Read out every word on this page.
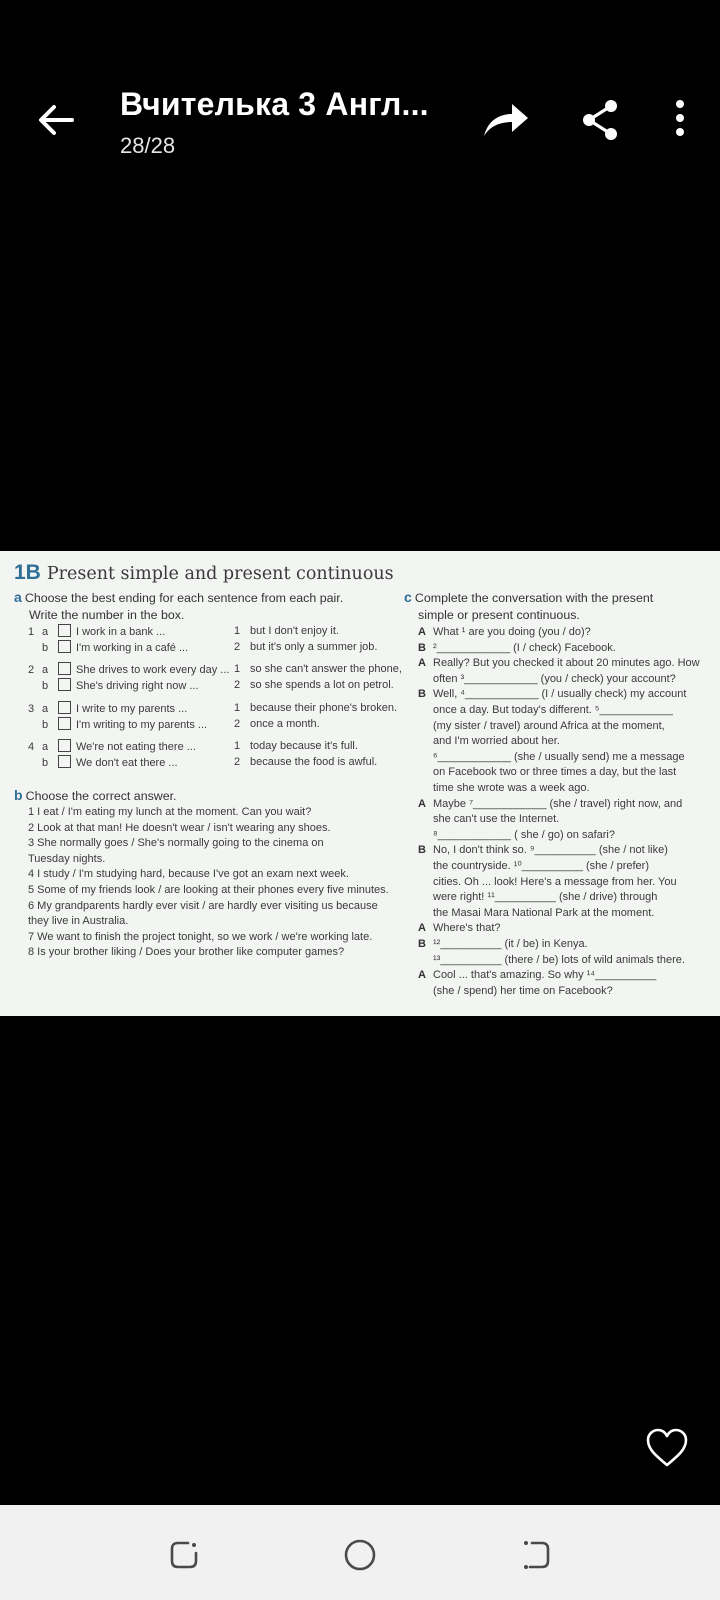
Вчителька 3 Англ...
28/28
1B Present simple and present continuous
a Choose the best ending for each sentence from each pair.
Write the number in the box.
1 a	I work in a bank ...	1 but I don't enjoy it.
b	I'm working in a café ...	2 but it's only a summer job.
2 a	She drives to work every day ... 1 so she can't answer the phone,
b	She's driving right now ...	2 so she spends a lot on petrol.
3 a	I write to my parents ...	1 because their phone's broken.
b	I'm writing to my parents ... 2 once a month.
4 a	We're not eating there ...	1 today because it's full.
b	We don't eat there ...	2 because the food is awful.
b Choose the correct answer.
1 I eat / I'm eating my lunch at the moment. Can you wait?
2 Look at that man! He doesn't wear / isn't wearing any shoes.
3 She normally goes / She's normally going to the cinema on
Tuesday nights.
4 I study / I'm studying hard, because I've got an exam next week.
5 Some of my friends look / are looking at their phones every five minutes.
6 My grandparents hardly ever visit / are hardly ever visiting us because
they live in Australia.
7 We want to finish the project tonight, so we work / we're working late.
8 Is your brother liking / Does your brother like computer games?
c Complete the conversation with the present
simple or present continuous.
A What ¹ are you doing (you / do)?
B ²____________ (I / check) Facebook.
A Really? But you checked it about 20 minutes ago. How
often ³____________ (you / check) your account?
B Well, ⁴____________ (I / usually check) my account
once a day. But today's different. ⁵____________
(my sister / travel) around Africa at the moment,
and I'm worried about her.
⁶____________ (she / usually send) me a message
on Facebook two or three times a day, but the last
time she wrote was a week ago.
A Maybe ⁷____________ (she / travel) right now, and
she can't use the Internet.
⁸____________ ( she / go) on safari?
B No, I don't think so. ⁹__________ (she / not like)
the countryside. ¹⁰__________ (she / prefer)
cities. Oh ... look! Here's a message from her. You
were right! ¹¹__________ (she / drive) through
the Masai Mara National Park at the moment.
A Where's that?
B ¹²__________ (it / be) in Kenya.
¹³__________ (there / be) lots of wild animals there.
A Cool ... that's amazing. So why ¹⁴__________
(she / spend) her time on Facebook?
